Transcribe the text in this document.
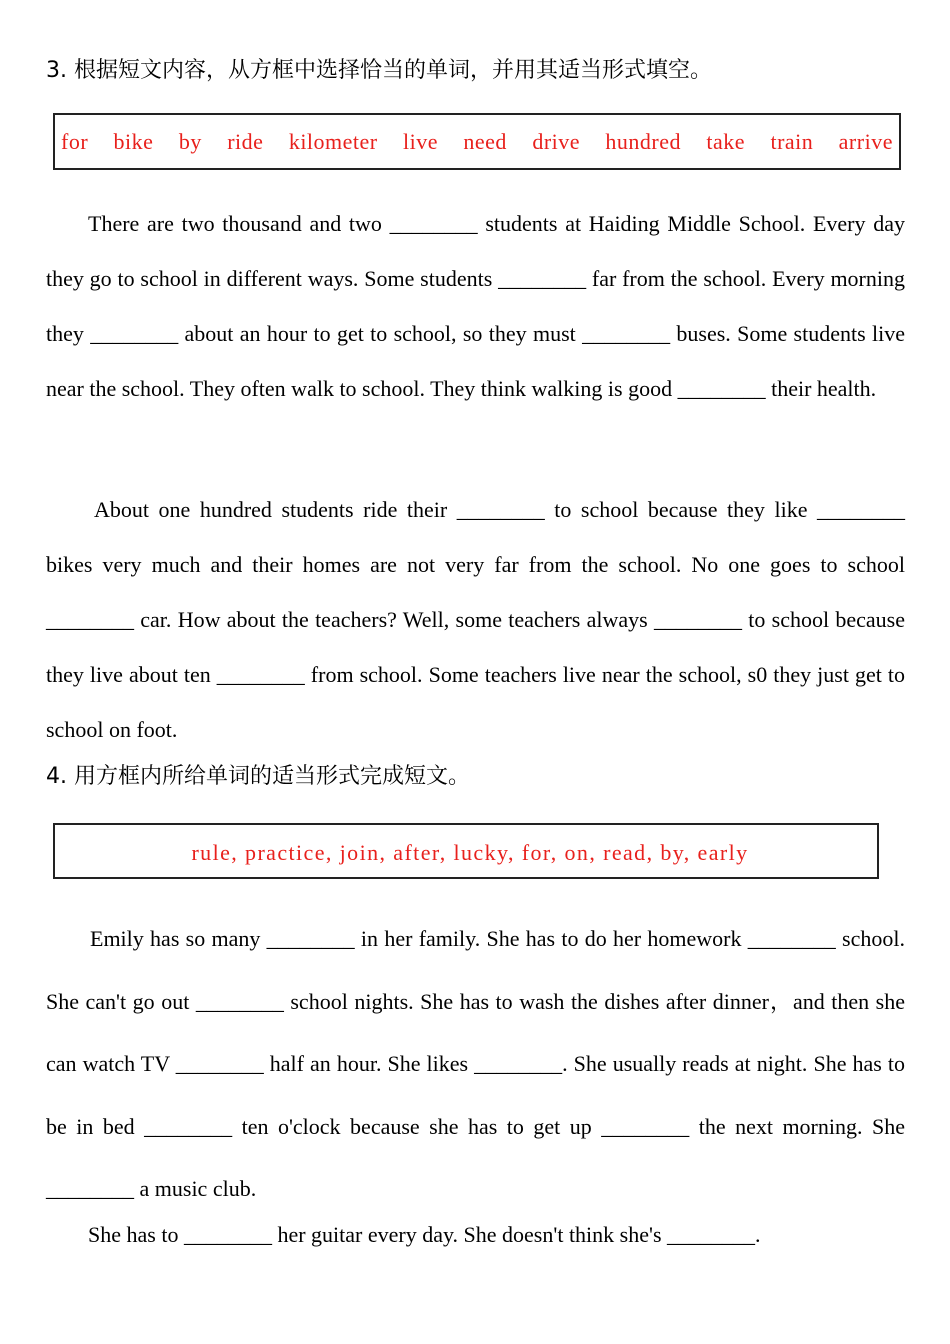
3. 根据短文内容，从方框中选择恰当的单词，并用其适当形式填空。
for bike by ride kilometer live need drive hundred take train arrive
There are two thousand and two ________ students at Haiding Middle School. Every day they go to school in different ways. Some students ________ far from the school. Every morning they ________ about an hour to get to school, so they must ________ buses. Some students live near the school. They often walk to school. They think walking is good ________ their health.
About one hundred students ride their ________ to school because they like ________ bikes very much and their homes are not very far from the school. No one goes to school ________ car. How about the teachers? Well, some teachers always ________ to school because they live about ten ________ from school. Some teachers live near the school, s0 they just get to school on foot.
4. 用方框内所给单词的适当形式完成短文。
rule, practice, join, after, lucky, for, on, read, by, early
Emily has so many ________ in her family. She has to do her homework ________ school. She can't go out ________ school nights. She has to wash the dishes after dinner，and then she can watch TV ________ half an hour. She likes ________. She usually reads at night. She has to be in bed ________ ten o'clock because she has to get up ________ the next morning. She ________ a music club.
She has to ________ her guitar every day. She doesn't think she's ________.
